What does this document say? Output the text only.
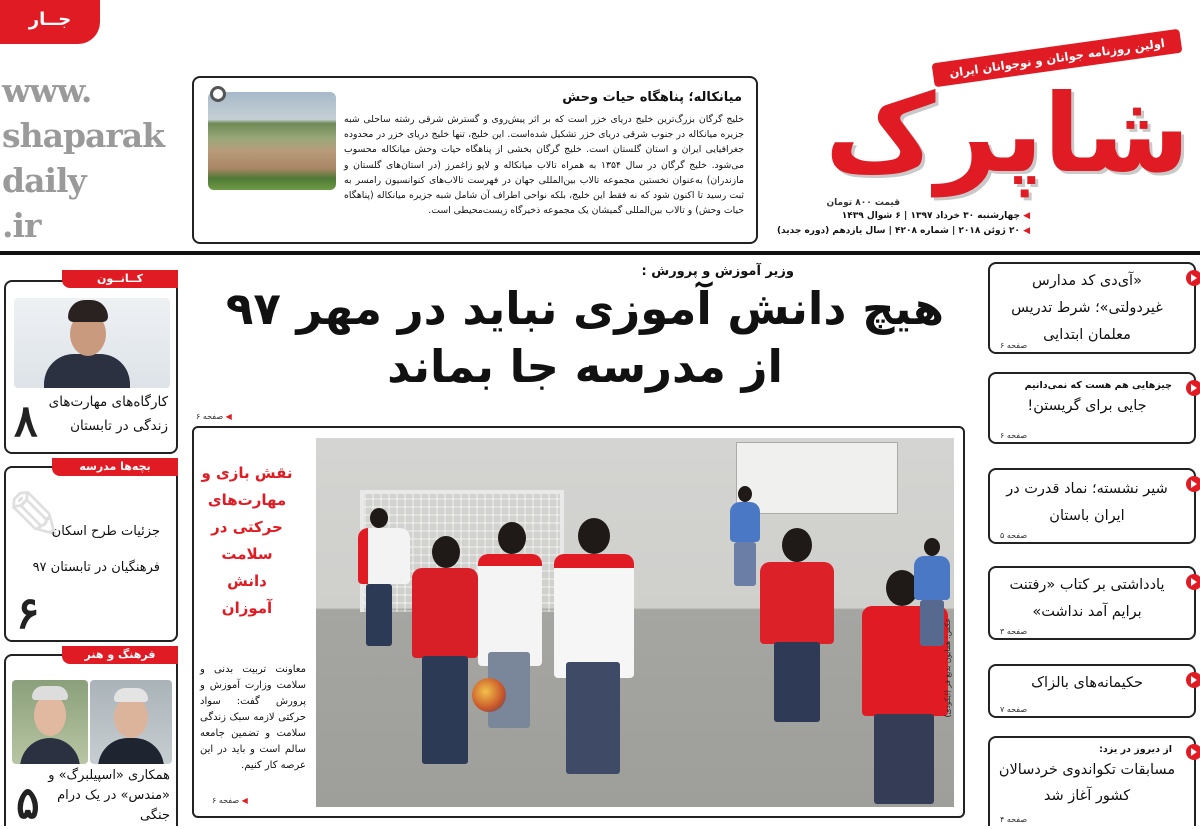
جــار
www.
shaparak
daily
.ir
میانکاله؛ پناهگاه حیات وحش
خلیج گرگان بزرگ‌ترین خلیج دریای خزر است که بر اثر پیش‌روی و گسترش شرقی رشته ساحلی شبه جزیره میانکاله در جنوب شرقی دریای خزر تشکیل شده‌است. این خلیج، تنها خلیج دریای خزر در محدوده جغرافیایی ایران و استان گلستان است. خلیج گرگان بخشی از پناهگاه حیات وحش میانکاله محسوب می‌شود. خلیج گرگان در سال ۱۳۵۴ به همراه تالاب میانکاله و لاپو زاغمرز (در استان‌های گلستان و مازندران) به‌عنوان نخستین مجموعه تالاب بین‌المللی جهان در فهرست تالاب‌های کنوانسیون رامسر به ثبت رسید تا اکنون شود که نه فقط این خلیج، بلکه نواحی اطراف آن شامل شبه جزیره میانکاله (پناهگاه حیات وحش) و تالاب بین‌المللی گمیشان یک مجموعه ذخیرگاه زیست‌محیطی است.
اولین روزنامه جوانان و نوجوانان ایران
شاپرک
قیمت ۸۰۰ تومان
◀ چهارشنبه ۳۰ خرداد ۱۳۹۷ | ۶ شوال ۱۴۳۹
◀ ۲۰ ژوئن ۲۰۱۸ | شماره ۴۲۰۸ | سال یازدهم (دوره جدید)
کــانــون
کارگاه‌های مهارت‌های زندگی در تابستان
۸
بچه‌ها مدرسه
✎
جزئیات طرح اسکان فرهنگیان در تابستان ۹۷
۶
فرهنگ و هنر
همکاری «اسپیلبرگ» و «مندس» در یک درام جنگی
۵
وزیر آموزش و پرورش :
هیچ دانش آموزی نباید در مهر ۹۷
از مدرسه جا بماند
◀ صفحه ۶
عکس: همایون بدیع فر (ایکودی)
نقش بازی و مهارت‌های حرکتی در سلامت دانش آموزان
معاونت تربیت بدنی و سلامت وزارت آموزش و پرورش گفت: سواد حرکتی لازمه سبک زندگی سلامت و تضمین جامعه سالم است و باید در این عرصه کار کنیم.
◀ صفحه ۶
«آی‌دی کد مدارس غیردولتی»؛ شرط تدریس معلمان ابتدایی
صفحه ۶
چیزهایی هم هست که نمی‌دانیم
جایی برای گریستن!
صفحه ۶
شیر نشسته؛ نماد قدرت در ایران باستان
صفحه ۵
یادداشتی بر کتاب «رفتنت برایم آمد نداشت»
صفحه ۳
حکیمانه‌های بالزاک
صفحه ۷
از دیروز در یزد:
مسابقات تکواندوی خردسالان کشور آغاز شد
صفحه ۴
